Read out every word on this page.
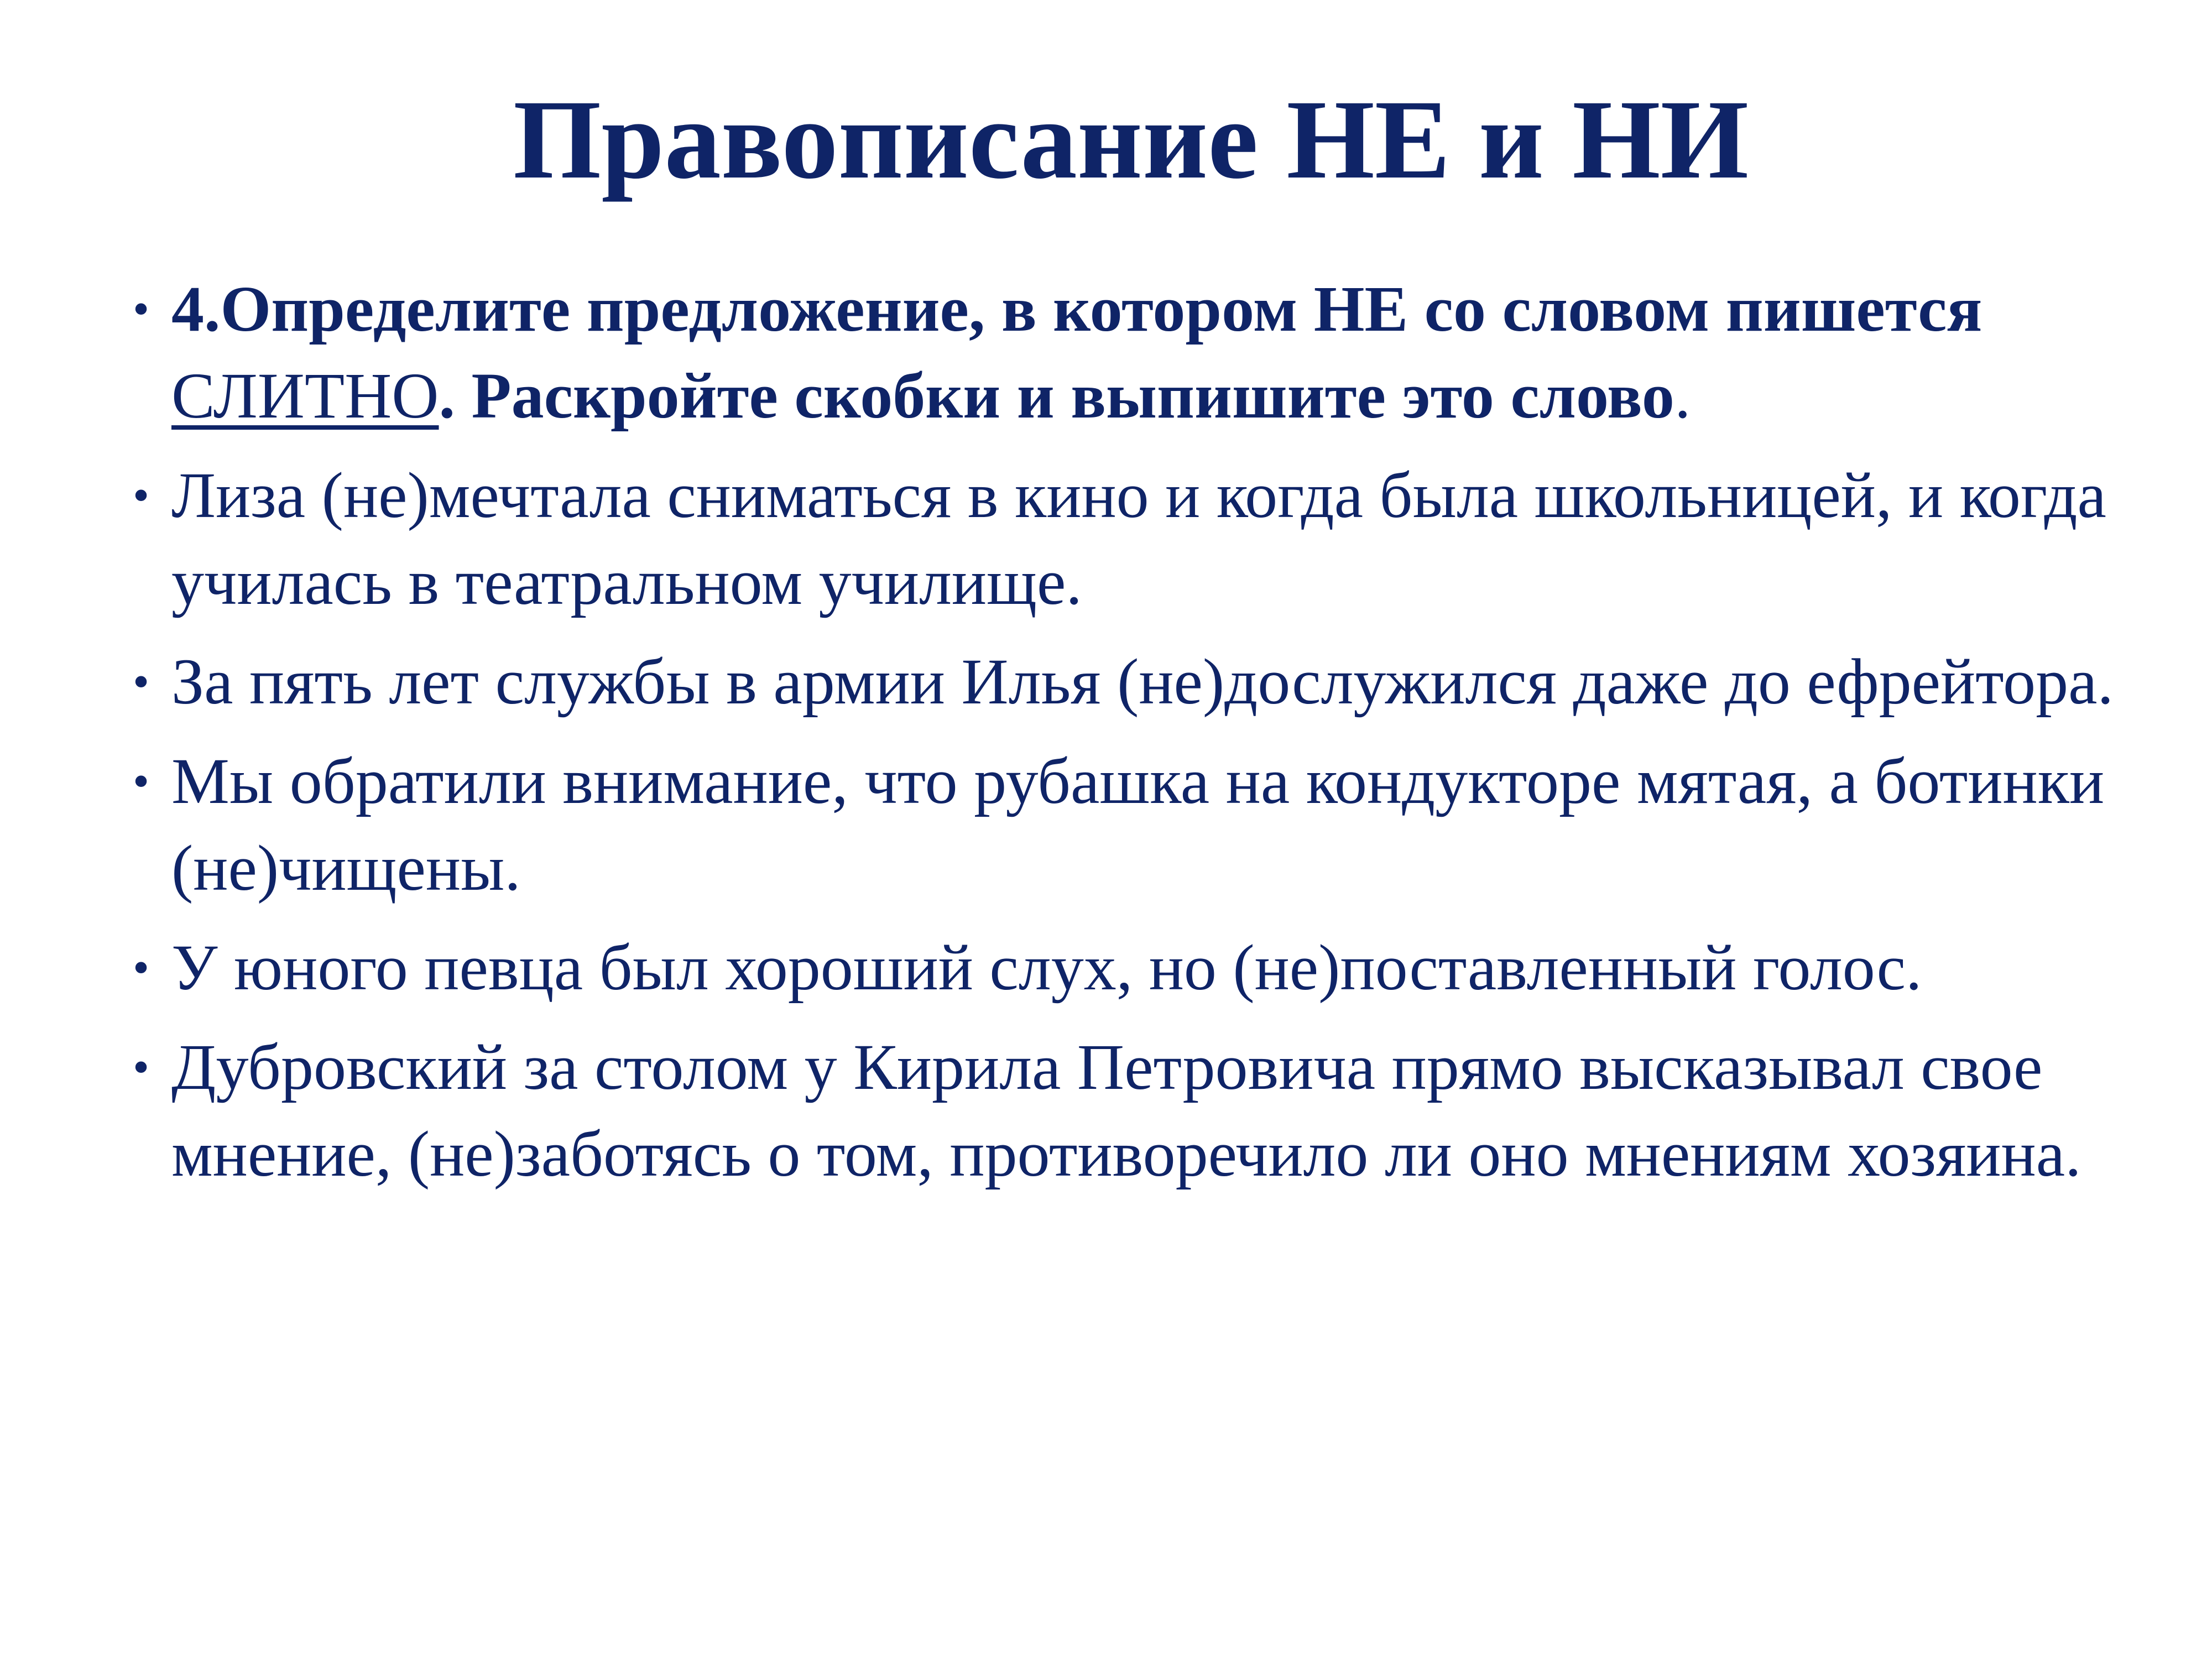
Правописание НЕ и НИ
• 4.Определите предложение, в котором НЕ со словом пишется СЛИТНО. Раскройте скобки и выпишите это слово.
• Лиза (не)мечтала сниматься в кино и когда была школьницей, и когда училась в театральном училище.
• За пять лет службы в армии Илья (не)дослужился даже до ефрейтора.
• Мы обратили внимание, что рубашка на кондукторе мятая, а ботинки (не)чищены.
• У юного певца был хороший слух, но (не)поставленный голос.
• Дубровский за столом у Кирила Петровича прямо высказывал свое мнение, (не)заботясь о том, противоречило ли оно мнениям хозяина.
